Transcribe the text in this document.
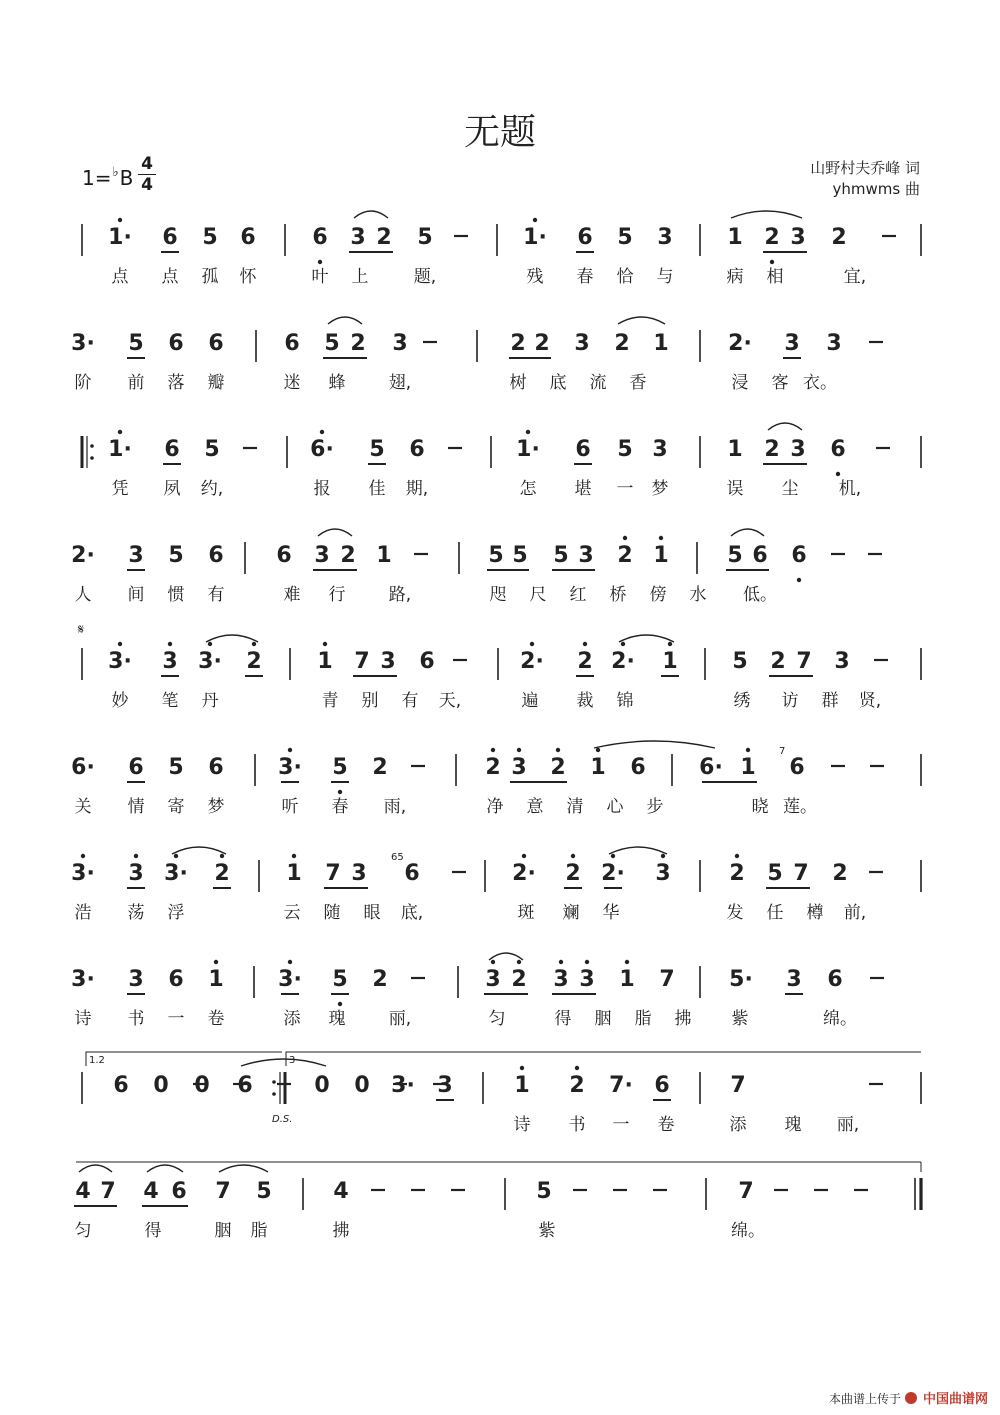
无题
1=♭B
4
4
山野村夫乔峰 词
yhmwms 曲
1· 6 5 6	6 3 2 5	1· 6 5 3 1 2 3 2
点 点 孤 怀	叶 上	题,	残 春 恰 与	病 相	宜,
3· 5 6 6	6 5 2 3	2 2 3 2 1	2· 3 3
阶 前 落 瓣	迷 蜂	翅,	树 底 流 香	浸 客 衣。
1· 6 5	6· 5 6	1· 6 5 3	1 2 3 6
凭 夙 约,	报 佳 期,	怎 堪 一 梦	误 尘 机,
2· 3 5 6 6 3 2 1	5 5 5 3 2 1	5 6 6
人 间 惯 有	难 行	路,	咫 尺 红 桥 傍 水 低。
3· 3 3· 2	1 7 3 6	2· 2 2· 1 5 2 7 3
妙 笔 丹	青 别 有 天,	遍 裁 锦	绣 访 群 贤,
𝄋
6· 6 5 6 3· 5 2	2 3 2 1 6 6· 1 6
关 情 寄 梦	听 春 雨,	净 意 清 心 步	晓 莲。
7
3· 3 3· 2	1 7 3 6	2· 2 2· 3	2 5 7 2
浩 荡 浮	云 随 眼 底,	斑 斓 华	发 任 樽 前,
65
3· 3 6 1 3· 5 2	3 2 3 3 1 7 5· 3 6
诗 书 一 卷	添 瑰	丽,	匀	得 胭 脂 拂 紫	绵。
6 0 0 6	0 0 3· 3	1 2 7· 6	7
诗 书 一 卷	添 瑰 丽,
1.2	3
D.S.
4 7 4 6 7 5	4	5	7
匀	得	胭 脂	拂	紫	绵。
本曲谱上传于 中国曲谱网
